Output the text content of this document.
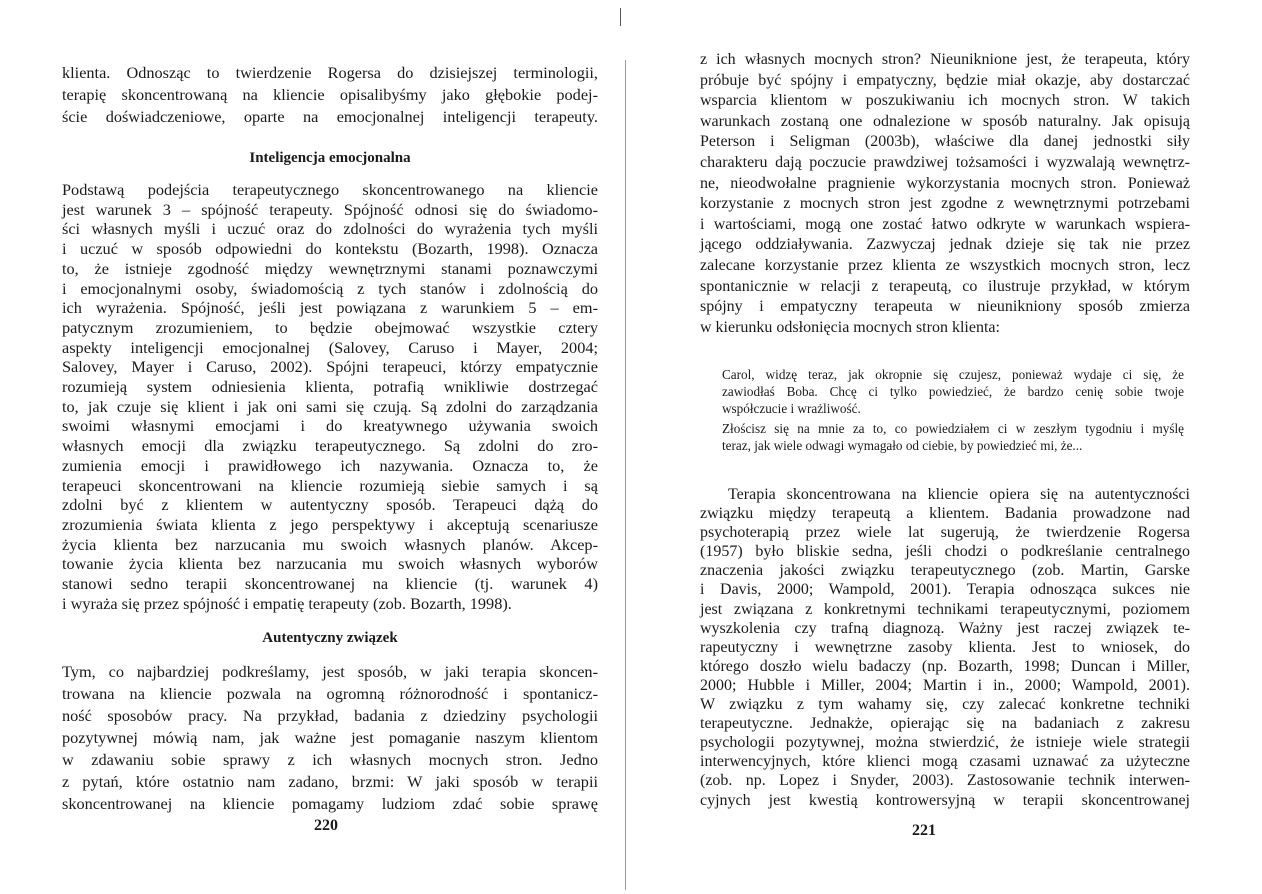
klienta. Odnosząc to twierdzenie Rogersa do dzisiejszej terminologii,
terapię skoncentrowaną na kliencie opisalibyśmy jako głębokie podej-
ście doświadczeniowe, oparte na emocjonalnej inteligencji terapeuty.
Inteligencja emocjonalna
Podstawą podejścia terapeutycznego skoncentrowanego na kliencie
jest warunek 3 – spójność terapeuty. Spójność odnosi się do świadomo-
ści własnych myśli i uczuć oraz do zdolności do wyrażenia tych myśli
i uczuć w sposób odpowiedni do kontekstu (Bozarth, 1998). Oznacza
to, że istnieje zgodność między wewnętrznymi stanami poznawczymi
i emocjonalnymi osoby, świadomością z tych stanów i zdolnością do
ich wyrażenia. Spójność, jeśli jest powiązana z warunkiem 5 – em-
patycznym zrozumieniem, to będzie obejmować wszystkie cztery
aspekty inteligencji emocjonalnej (Salovey, Caruso i Mayer, 2004;
Salovey, Mayer i Caruso, 2002). Spójni terapeuci, którzy empatycznie
rozumieją system odniesienia klienta, potrafią wnikliwie dostrzegać
to, jak czuje się klient i jak oni sami się czują. Są zdolni do zarządzania
swoimi własnymi emocjami i do kreatywnego używania swoich
własnych emocji dla związku terapeutycznego. Są zdolni do zro-
zumienia emocji i prawidłowego ich nazywania. Oznacza to, że
terapeuci skoncentrowani na kliencie rozumieją siebie samych i są
zdolni być z klientem w autentyczny sposób. Terapeuci dążą do
zrozumienia świata klienta z jego perspektywy i akceptują scenariusze
życia klienta bez narzucania mu swoich własnych planów. Akcep-
towanie życia klienta bez narzucania mu swoich własnych wyborów
stanowi sedno terapii skoncentrowanej na kliencie (tj. warunek 4)
i wyraża się przez spójność i empatię terapeuty (zob. Bozarth, 1998).
Autentyczny związek
Tym, co najbardziej podkreślamy, jest sposób, w jaki terapia skoncen-
trowana na kliencie pozwala na ogromną różnorodność i spontanicz-
ność sposobów pracy. Na przykład, badania z dziedziny psychologii
pozytywnej mówią nam, jak ważne jest pomaganie naszym klientom
w zdawaniu sobie sprawy z ich własnych mocnych stron. Jedno
z pytań, które ostatnio nam zadano, brzmi: W jaki sposób w terapii
skoncentrowanej na kliencie pomagamy ludziom zdać sobie sprawę
220
z ich własnych mocnych stron? Nieuniknione jest, że terapeuta, który
próbuje być spójny i empatyczny, będzie miał okazje, aby dostarczać
wsparcia klientom w poszukiwaniu ich mocnych stron. W takich
warunkach zostaną one odnalezione w sposób naturalny. Jak opisują
Peterson i Seligman (2003b), właściwe dla danej jednostki siły
charakteru dają poczucie prawdziwej tożsamości i wyzwalają wewnętrz-
ne, nieodwołalne pragnienie wykorzystania mocnych stron. Ponieważ
korzystanie z mocnych stron jest zgodne z wewnętrznymi potrzebami
i wartościami, mogą one zostać łatwo odkryte w warunkach wspiera-
jącego oddziaływania. Zazwyczaj jednak dzieje się tak nie przez
zalecane korzystanie przez klienta ze wszystkich mocnych stron, lecz
spontanicznie w relacji z terapeutą, co ilustruje przykład, w którym
spójny i empatyczny terapeuta w nieunikniony sposób zmierza
w kierunku odsłonięcia mocnych stron klienta:
Carol, widzę teraz, jak okropnie się czujesz, ponieważ wydaje ci się, że
zawiodłaś Boba. Chcę ci tylko powiedzieć, że bardzo cenię sobie twoje
współczucie i wrażliwość.
Złościsz się na mnie za to, co powiedziałem ci w zeszłym tygodniu i myślę
teraz, jak wiele odwagi wymagało od ciebie, by powiedzieć mi, że...
Terapia skoncentrowana na kliencie opiera się na autentyczności
związku między terapeutą a klientem. Badania prowadzone nad
psychoterapią przez wiele lat sugerują, że twierdzenie Rogersa
(1957) było bliskie sedna, jeśli chodzi o podkreślanie centralnego
znaczenia jakości związku terapeutycznego (zob. Martin, Garske
i Davis, 2000; Wampold, 2001). Terapia odnosząca sukces nie
jest związana z konkretnymi technikami terapeutycznymi, poziomem
wyszkolenia czy trafną diagnozą. Ważny jest raczej związek te-
rapeutyczny i wewnętrzne zasoby klienta. Jest to wniosek, do
którego doszło wielu badaczy (np. Bozarth, 1998; Duncan i Miller,
2000; Hubble i Miller, 2004; Martin i in., 2000; Wampold, 2001).
W związku z tym wahamy się, czy zalecać konkretne techniki
terapeutyczne. Jednakże, opierając się na badaniach z zakresu
psychologii pozytywnej, można stwierdzić, że istnieje wiele strategii
interwencyjnych, które klienci mogą czasami uznawać za użyteczne
(zob. np. Lopez i Snyder, 2003). Zastosowanie technik interwen-
cyjnych jest kwestią kontrowersyjną w terapii skoncentrowanej
221
